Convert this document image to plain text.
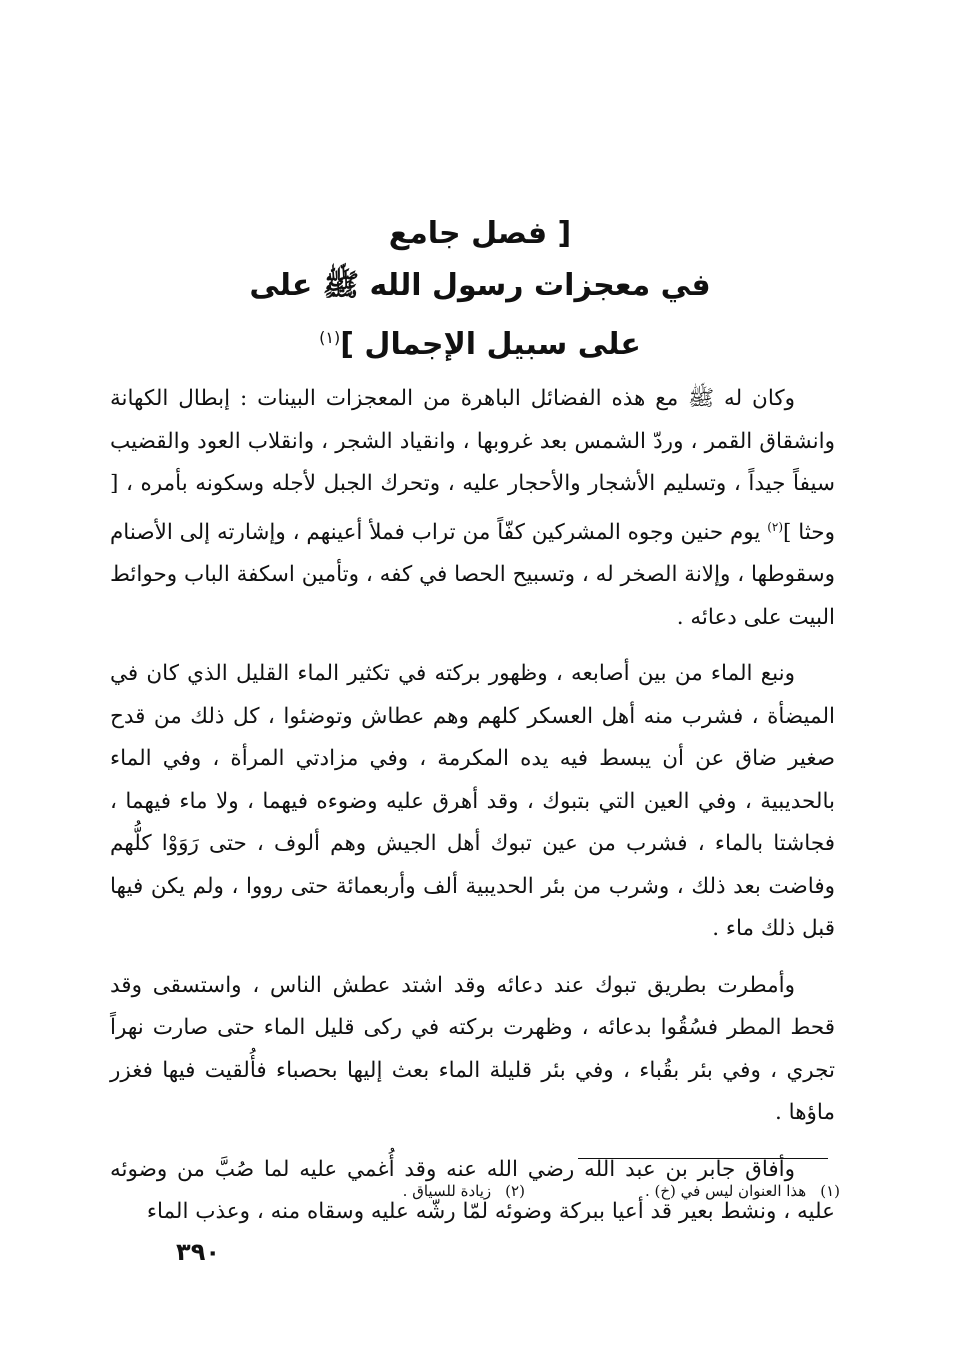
[ فصل جامع
في معجزات رسول الله ﷺ على
على سبيل الإجمال ]$^{(١)}$

وكان له ﷺ مع هذه الفضائل الباهرة من المعجزات البينات : إبطال الكهانة وانشقاق القمر ، وردّ الشمس بعد غروبها ، وانقياد الشجر ، وانقلاب العود والقضيب سيفاً جيداً ، وتسليم الأشجار والأحجار عليه ، وتحرك الجبل لأجله وسكونه بأمره ، [ وحثا ]$^{(٢)}$ يوم حنين وجوه المشركين كفّاً من تراب فملأ أعينهم ، وإشارته إلى الأصنام وسقوطها ، وإلانة الصخر له ، وتسبيح الحصا في كفه ، وتأمين اسكفة الباب وحوائط البيت على دعائه .

ونبع الماء من بين أصابعه ، وظهور بركته في تكثير الماء القليل الذي كان في الميضأة ، فشرب منه أهل العسكر كلهم وهم عطاش وتوضئوا ، كل ذلك من قدح صغير ضاق عن أن يبسط فيه يده المكرمة ، وفي مزادتي المرأة ، وفي الماء بالحديبية ، وفي العين التي بتبوك ، وقد أهرق عليه وضوءه فيهما ، ولا ماء فيهما ، فجاشتا بالماء ، فشرب من عين تبوك أهل الجيش وهم ألوف ، حتى رَوَوْا كلُّهم وفاضت بعد ذلك ، وشرب من بئر الحديبية ألف وأربعمائة حتى رووا ، ولم يكن فيها قبل ذلك ماء .

وأمطرت بطريق تبوك عند دعائه وقد اشتد عطش الناس ، واستسقى وقد قحط المطر فسُقُوا بدعائه ، وظهرت بركته في ركى قليل الماء حتى صارت نهراً تجري ، وفي بئر بقُباء ، وفي بئر قليلة الماء بعث إليها بحصباء فأُلقيت فيها فغزر ماؤها .

وأفاق جابر بن عبد الله رضي الله عنه وقد أُغمي عليه لما صُبَّ من وضوئه عليه ، ونشط بعير قد أعيا ببركة وضوئه لمّا رشّه عليه وسقاه منه ، وعذب الماء

(١)هذا العنوان ليس في (خ) .(٢)زيادة للسياق .
٣٩٠
